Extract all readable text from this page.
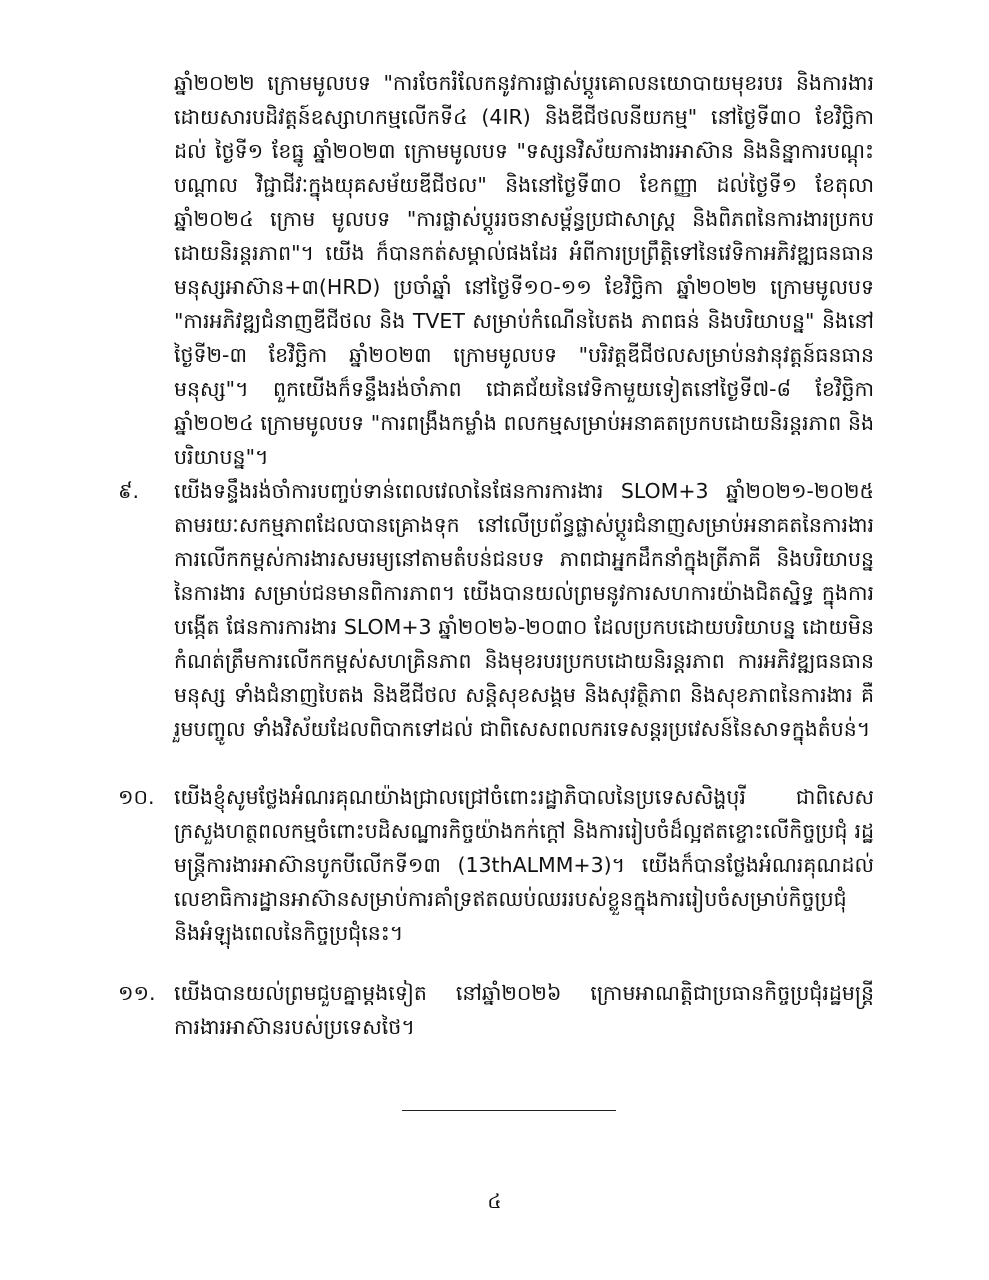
ឆ្នាំ២០២២ ក្រោមមូលបទ "ការចែករំលែកនូវការផ្លាស់ប្តូរគោលនយោបាយមុខរបរ និងការងារ ដោយសារបដិវត្តន៍ឧស្សាហកម្មលើកទី៤ (4IR) និងឌីជីថលនីយកម្ម" នៅថ្ងៃទី៣០ ខែវិច្ឆិកាដល់ ថ្ងៃទី១ ខែធ្នូ ឆ្នាំ២០២៣ ក្រោមមូលបទ "ទស្សនវិស័យការងារអាស៊ាន និងនិន្នាការបណ្តុះបណ្តាល វិជ្ជាជីវៈក្នុងយុគសម័យឌីជីថល" និងនៅថ្ងៃទី៣០ ខែកញ្ញា ដល់ថ្ងៃទី១ ខែតុលា ឆ្នាំ២០២៤ ក្រោម មូលបទ "ការផ្លាស់ប្តូររចនាសម្ព័ន្ធប្រជាសាស្ត្រ និងពិភពនៃការងារប្រកបដោយនិរន្តរភាព"។ យើង ក៏បានកត់សម្គាល់ផងដែរ អំពីការប្រព្រឹត្តិទៅនៃវេទិកាអភិវឌ្ឍធនធានមនុស្សអាស៊ាន+៣(HRD) ប្រចាំឆ្នាំ នៅថ្ងៃទី១០-១១ ខែវិច្ឆិកា ឆ្នាំ២០២២ ក្រោមមូលបទ "ការអភិវឌ្ឍជំនាញឌីជីថល និង TVET សម្រាប់កំណើនបៃតង ភាពធន់ និងបរិយាបន្ន" និងនៅថ្ងៃទី២-៣ ខែវិច្ឆិកា ឆ្នាំ២០២៣ ក្រោមមូលបទ "បរិវត្តឌីជីថលសម្រាប់នវានុវត្តន៍ធនធានមនុស្ស"។ ពួកយើងក៏ទន្ទឹងរង់ចាំភាព ជោគជ័យនៃវេទិកាមួយទៀតនៅថ្ងៃទី៧-៨ ខែវិច្ឆិកា ឆ្នាំ២០២៤ ក្រោមមូលបទ "ការពង្រឹងកម្លាំង ពលកម្មសម្រាប់អនាគតប្រកបដោយនិរន្តរភាព និងបរិយាបន្ន"។

៩. យើងទន្ទឹងរង់ចាំការបញ្ចប់ទាន់ពេលវេលានៃផែនការការងារ SLOM+3 ឆ្នាំ២០២១-២០២៥ តាមរយៈសកម្មភាពដែលបានគ្រោងទុក នៅលើប្រព័ន្ធផ្លាស់ប្តូរជំនាញសម្រាប់អនាគតនៃការងារ ការលើកកម្ពស់ការងារសមរម្យនៅតាមតំបន់ជនបទ ភាពជាអ្នកដឹកនាំក្នុងត្រីភាគី និងបរិយាបន្ននៃការងារ សម្រាប់ជនមានពិការភាព។ យើងបានយល់ព្រមនូវការសហការយ៉ាងជិតស្និទ្ធ ក្នុងការបង្កើត ផែនការការងារ SLOM+3 ឆ្នាំ២០២៦-២០៣០ ដែលប្រកបដោយបរិយាបន្ន ដោយមិនកំណត់ត្រឹមការលើកកម្ពស់សហគ្រិនភាព និងមុខរបរប្រកបដោយនិរន្តរភាព ការអភិវឌ្ឍធនធានមនុស្ស ទាំងជំនាញបៃតង និងឌីជីថល សន្តិសុខសង្គម និងសុវត្ថិភាព និងសុខភាពនៃការងារ គឺរួមបញ្ចូល ទាំងវិស័យដែលពិបាកទៅដល់ ជាពិសេសពលករទេសន្តរប្រវេសន៍នៃសាទក្នុងតំបន់។

១០. យើងខ្ញុំសូមថ្លែងអំណរគុណយ៉ាងជ្រាលជ្រៅចំពោះរដ្ឋាភិបាលនៃប្រទេសសិង្ហបុរី ជាពិសេស ក្រសួងហត្ថពលកម្មចំពោះបដិសណ្ឋារកិច្ចយ៉ាងកក់ក្តៅ និងការរៀបចំដ៏ល្អឥតខ្ចោះលើកិច្ចប្រជុំ រដ្ឋមន្ត្រីការងារអាស៊ានបូកបីលើកទី១៣ (13thALMM+3)។ យើងក៏បានថ្លែងអំណរគុណដល់ លេខាធិការដ្ឋានអាស៊ានសម្រាប់ការគាំទ្រឥតឈប់ឈររបស់ខ្លួនក្នុងការរៀបចំសម្រាប់កិច្ចប្រជុំ និងអំឡុងពេលនៃកិច្ចប្រជុំនេះ។

១១. យើងបានយល់ព្រមជួបគ្នាម្តងទៀត នៅឆ្នាំ២០២៦ ក្រោមអាណត្តិជាប្រធានកិច្ចប្រជុំរដ្ឋមន្ត្រី ការងារអាស៊ានរបស់ប្រទេសថៃ។

៤
